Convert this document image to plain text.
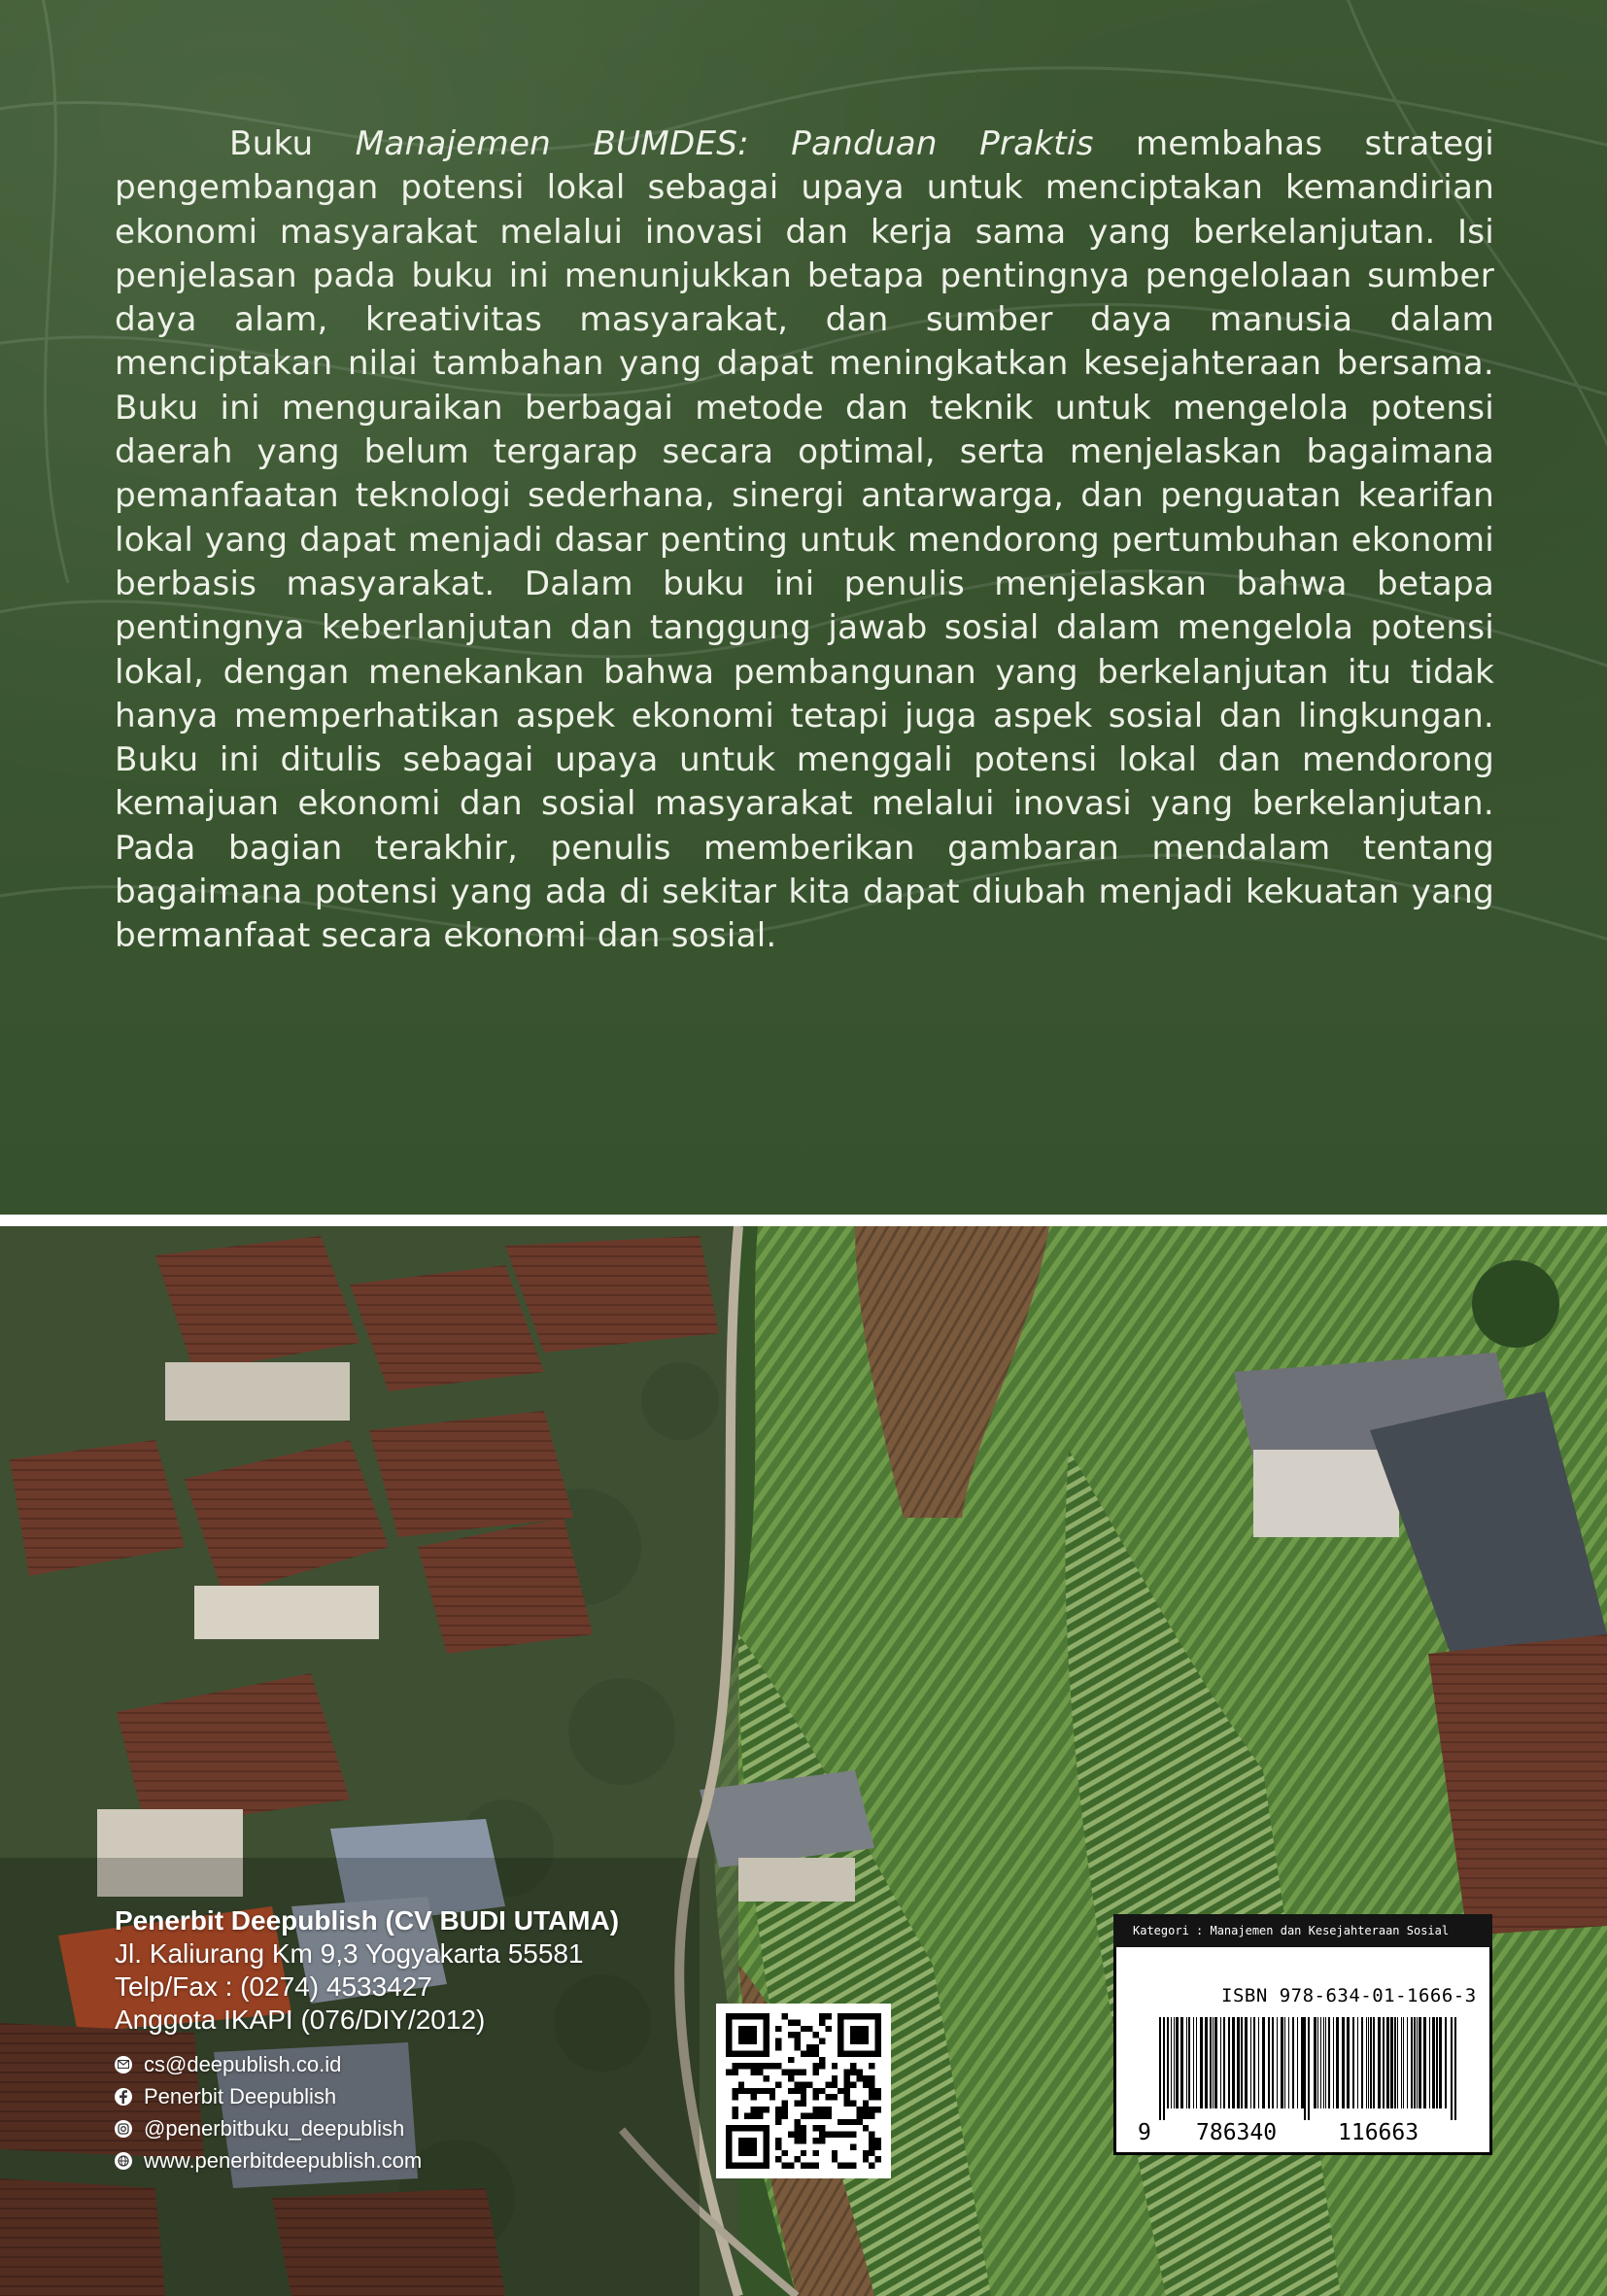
Buku Manajemen BUMDES: Panduan Praktis membahas strategi pengembangan potensi lokal sebagai upaya untuk menciptakan kemandirian ekonomi masyarakat melalui inovasi dan kerja sama yang berkelanjutan. Isi penjelasan pada buku ini menunjukkan betapa pentingnya pengelolaan sumber daya alam, kreativitas masyarakat, dan sumber daya manusia dalam menciptakan nilai tambahan yang dapat meningkatkan kesejahteraan bersama. Buku ini menguraikan berbagai metode dan teknik untuk mengelola potensi daerah yang belum tergarap secara optimal, serta menjelaskan bagaimana pemanfaatan teknologi sederhana, sinergi antarwarga, dan penguatan kearifan lokal yang dapat menjadi dasar penting untuk mendorong pertumbuhan ekonomi berbasis masyarakat. Dalam buku ini penulis menjelaskan bahwa betapa pentingnya keberlanjutan dan tanggung jawab sosial dalam mengelola potensi lokal, dengan menekankan bahwa pembangunan yang berkelanjutan itu tidak hanya memperhatikan aspek ekonomi tetapi juga aspek sosial dan lingkungan. Buku ini ditulis sebagai upaya untuk menggali potensi lokal dan mendorong kemajuan ekonomi dan sosial masyarakat melalui inovasi yang berkelanjutan. Pada bagian terakhir, penulis memberikan gambaran mendalam tentang bagaimana potensi yang ada di sekitar kita dapat diubah menjadi kekuatan yang bermanfaat secara ekonomi dan sosial.

Penerbit Deepublish (CV BUDI UTAMA)

Jl. Kaliurang Km 9,3 Yogyakarta 55581

Telp/Fax : (0274) 4533427

Anggota IKAPI (076/DIY/2012)

cs@deepublish.co.id
Penerbit Deepublish
@penerbitbuku_deepublish
www.penerbitdeepublish.com
Kategori : Manajemen dan Kesejahteraan Sosial
ISBN 978-634-01-1666-3
9 786340	116663
